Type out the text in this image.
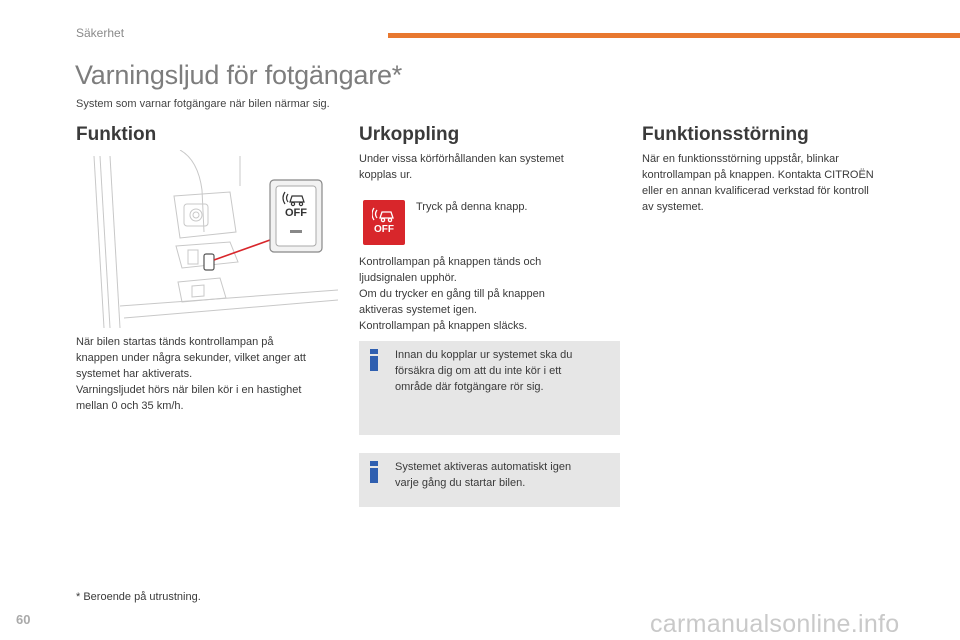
Säkerhet
Varningsljud för fotgängare*
System som varnar fotgängare när bilen närmar sig.
Funktion
OFF
När bilen startas tänds kontrollampan på
knappen under några sekunder, vilket anger att
systemet har aktiverats.
Varningsljudet hörs när bilen kör i en hastighet
mellan 0 och 35 km/h.
Urkoppling
Under vissa körförhållanden kan systemet
kopplas ur.
OFF
Tryck på denna knapp.
Kontrollampan på knappen tänds och
ljudsignalen upphör.
Om du trycker en gång till på knappen
aktiveras systemet igen.
Kontrollampan på knappen släcks.
Innan du kopplar ur systemet ska du
försäkra dig om att du inte kör i ett
område där fotgängare rör sig.
Systemet aktiveras automatiskt igen
varje gång du startar bilen.
Funktionsstörning
När en funktionsstörning uppstår, blinkar
kontrollampan på knappen. Kontakta CITROËN
eller en annan kvalificerad verkstad för kontroll
av systemet.
* Beroende på utrustning.
60	carmanualsonline.info
